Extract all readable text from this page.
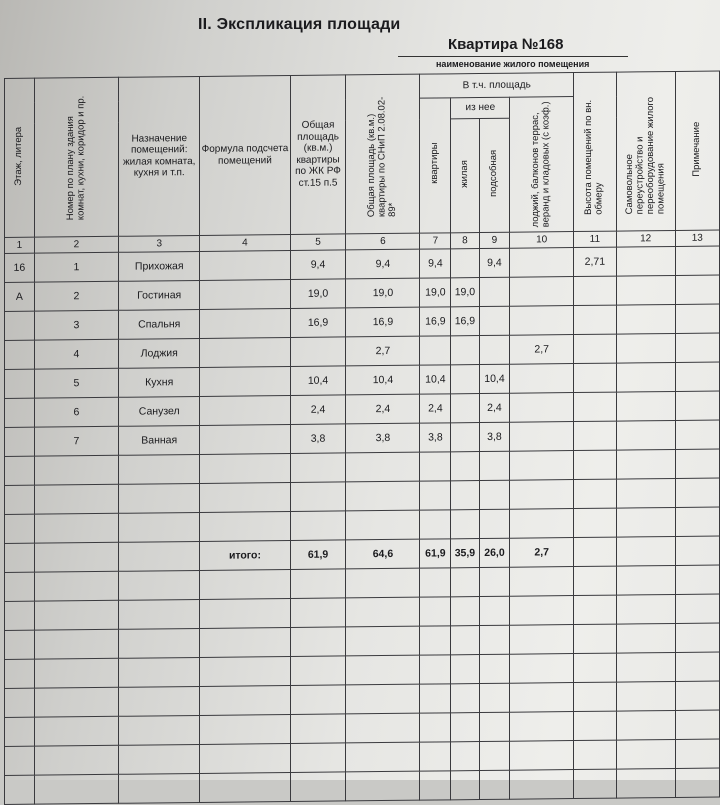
II. Экспликация площади
Квартира №168
наименование жилого помещения
Этаж, литера	Номер по плану здания комнат, кухни, коридор и пр.	Назначение помещений: жилая комната, кухня и т.п.	Формула подсчета помещений	Общая площадь (кв.м.) квартиры по ЖК РФ ст.15 п.5	Общая площадь (кв.м.) квартиры по СНиП 2.08.02-89*	В т.ч. площадь				Высота помещений по вн. обмеру	Самовольное переустройство и переоборудование жилого помещения	Примечание
						квартиры	из нее		лоджий, балконов террас, веранд и кладовых (с коэф.)			
							жилая	подсобная				
1	2	3	4	5	6	7	8	9	10	11	12	13
16	1	Прихожая		9,4	9,4	9,4		9,4		2,71		
А	2	Гостиная		19,0	19,0	19,0	19,0					
	3	Спальня		16,9	16,9	16,9	16,9					
	4	Лоджия			2,7				2,7			
	5	Кухня		10,4	10,4	10,4		10,4				
	6	Санузел		2,4	2,4	2,4		2,4				
	7	Ванная		3,8	3,8	3,8		3,8				

			итого:	61,9	64,6	61,9	35,9	26,0	2,7			
